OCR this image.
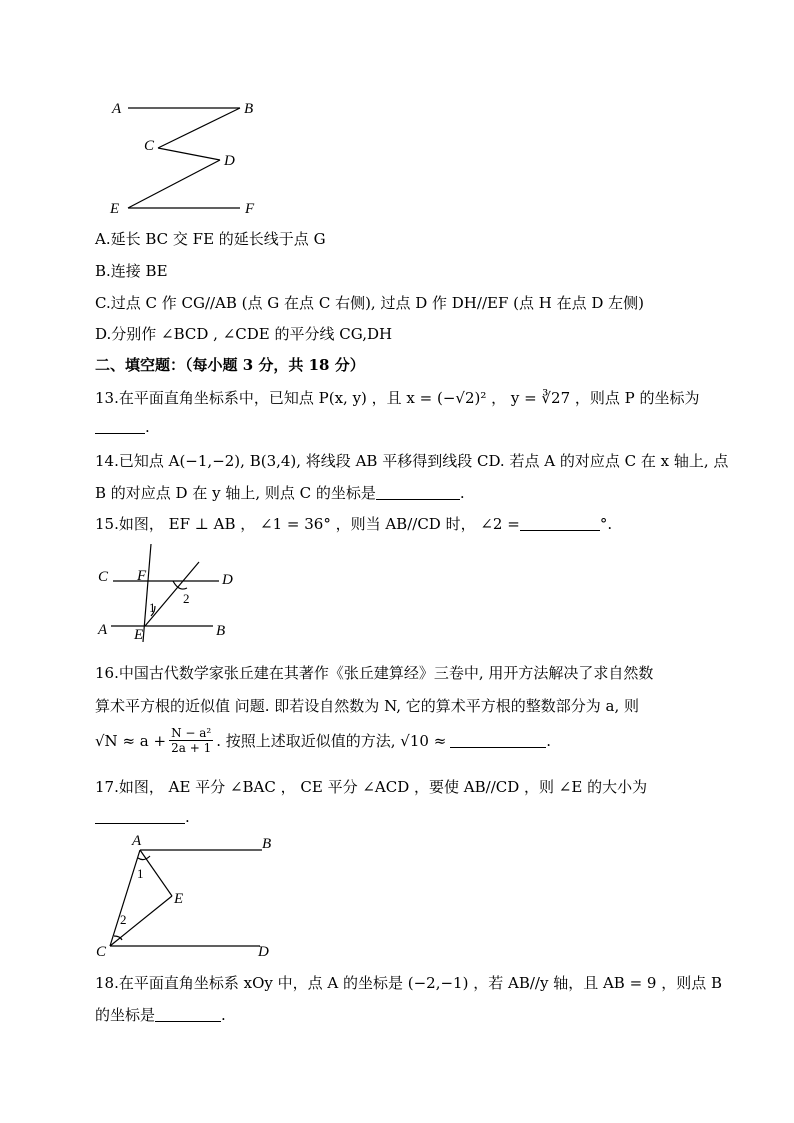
A	B
C
D
E	F
A.延长 BC 交 FE 的延长线于点 G
B.连接 BE
C.过点 C 作 CG//AB (点 G 在点 C 右侧), 过点 D 作 DH//EF (点 H 在点 D 左侧)
D.分别作 ∠BCD , ∠CDE 的平分线 CG,DH
二、填空题：（每小题 3 分，共 18 分）
13.在平面直角坐标系中，已知点 P(x, y) ，且 x = (−√2)² ， y = ∛27 ，则点 P 的坐标为
.
14.已知点 A(−1,−2), B(3,4), 将线段 AB 平移得到线段 CD. 若点 A 的对应点 C 在 x 轴上, 点
B 的对应点 D 在 y 轴上, 则点 C 的坐标是	.
15.如图， EF ⊥ AB ， ∠1 = 36° ，则当 AB//CD 时， ∠2 =	°.
C F	D
A E	B
1
2
16.中国古代数学家张丘建在其著作《张丘建算经》三卷中, 用开方法解决了求自然数
算术平方根的近似值 问题. 即若设自然数为 N, 它的算术平方根的整数部分为 a, 则
$√N \approx a + \frac{\text{N − a²}}{2a + 1}$ . 按照上述取近似值的方法, √10 ≈	.
17.如图， AE 平分 ∠BAC ， CE 平分 ∠ACD ，要使 AB//CD ，则 ∠E 的大小为
.
A	B
E
C	D
1
2
18.在平面直角坐标系 xOy 中，点 A 的坐标是 (−2,−1) ，若 AB//y 轴，且 AB = 9 ，则点 B
的坐标是	.
